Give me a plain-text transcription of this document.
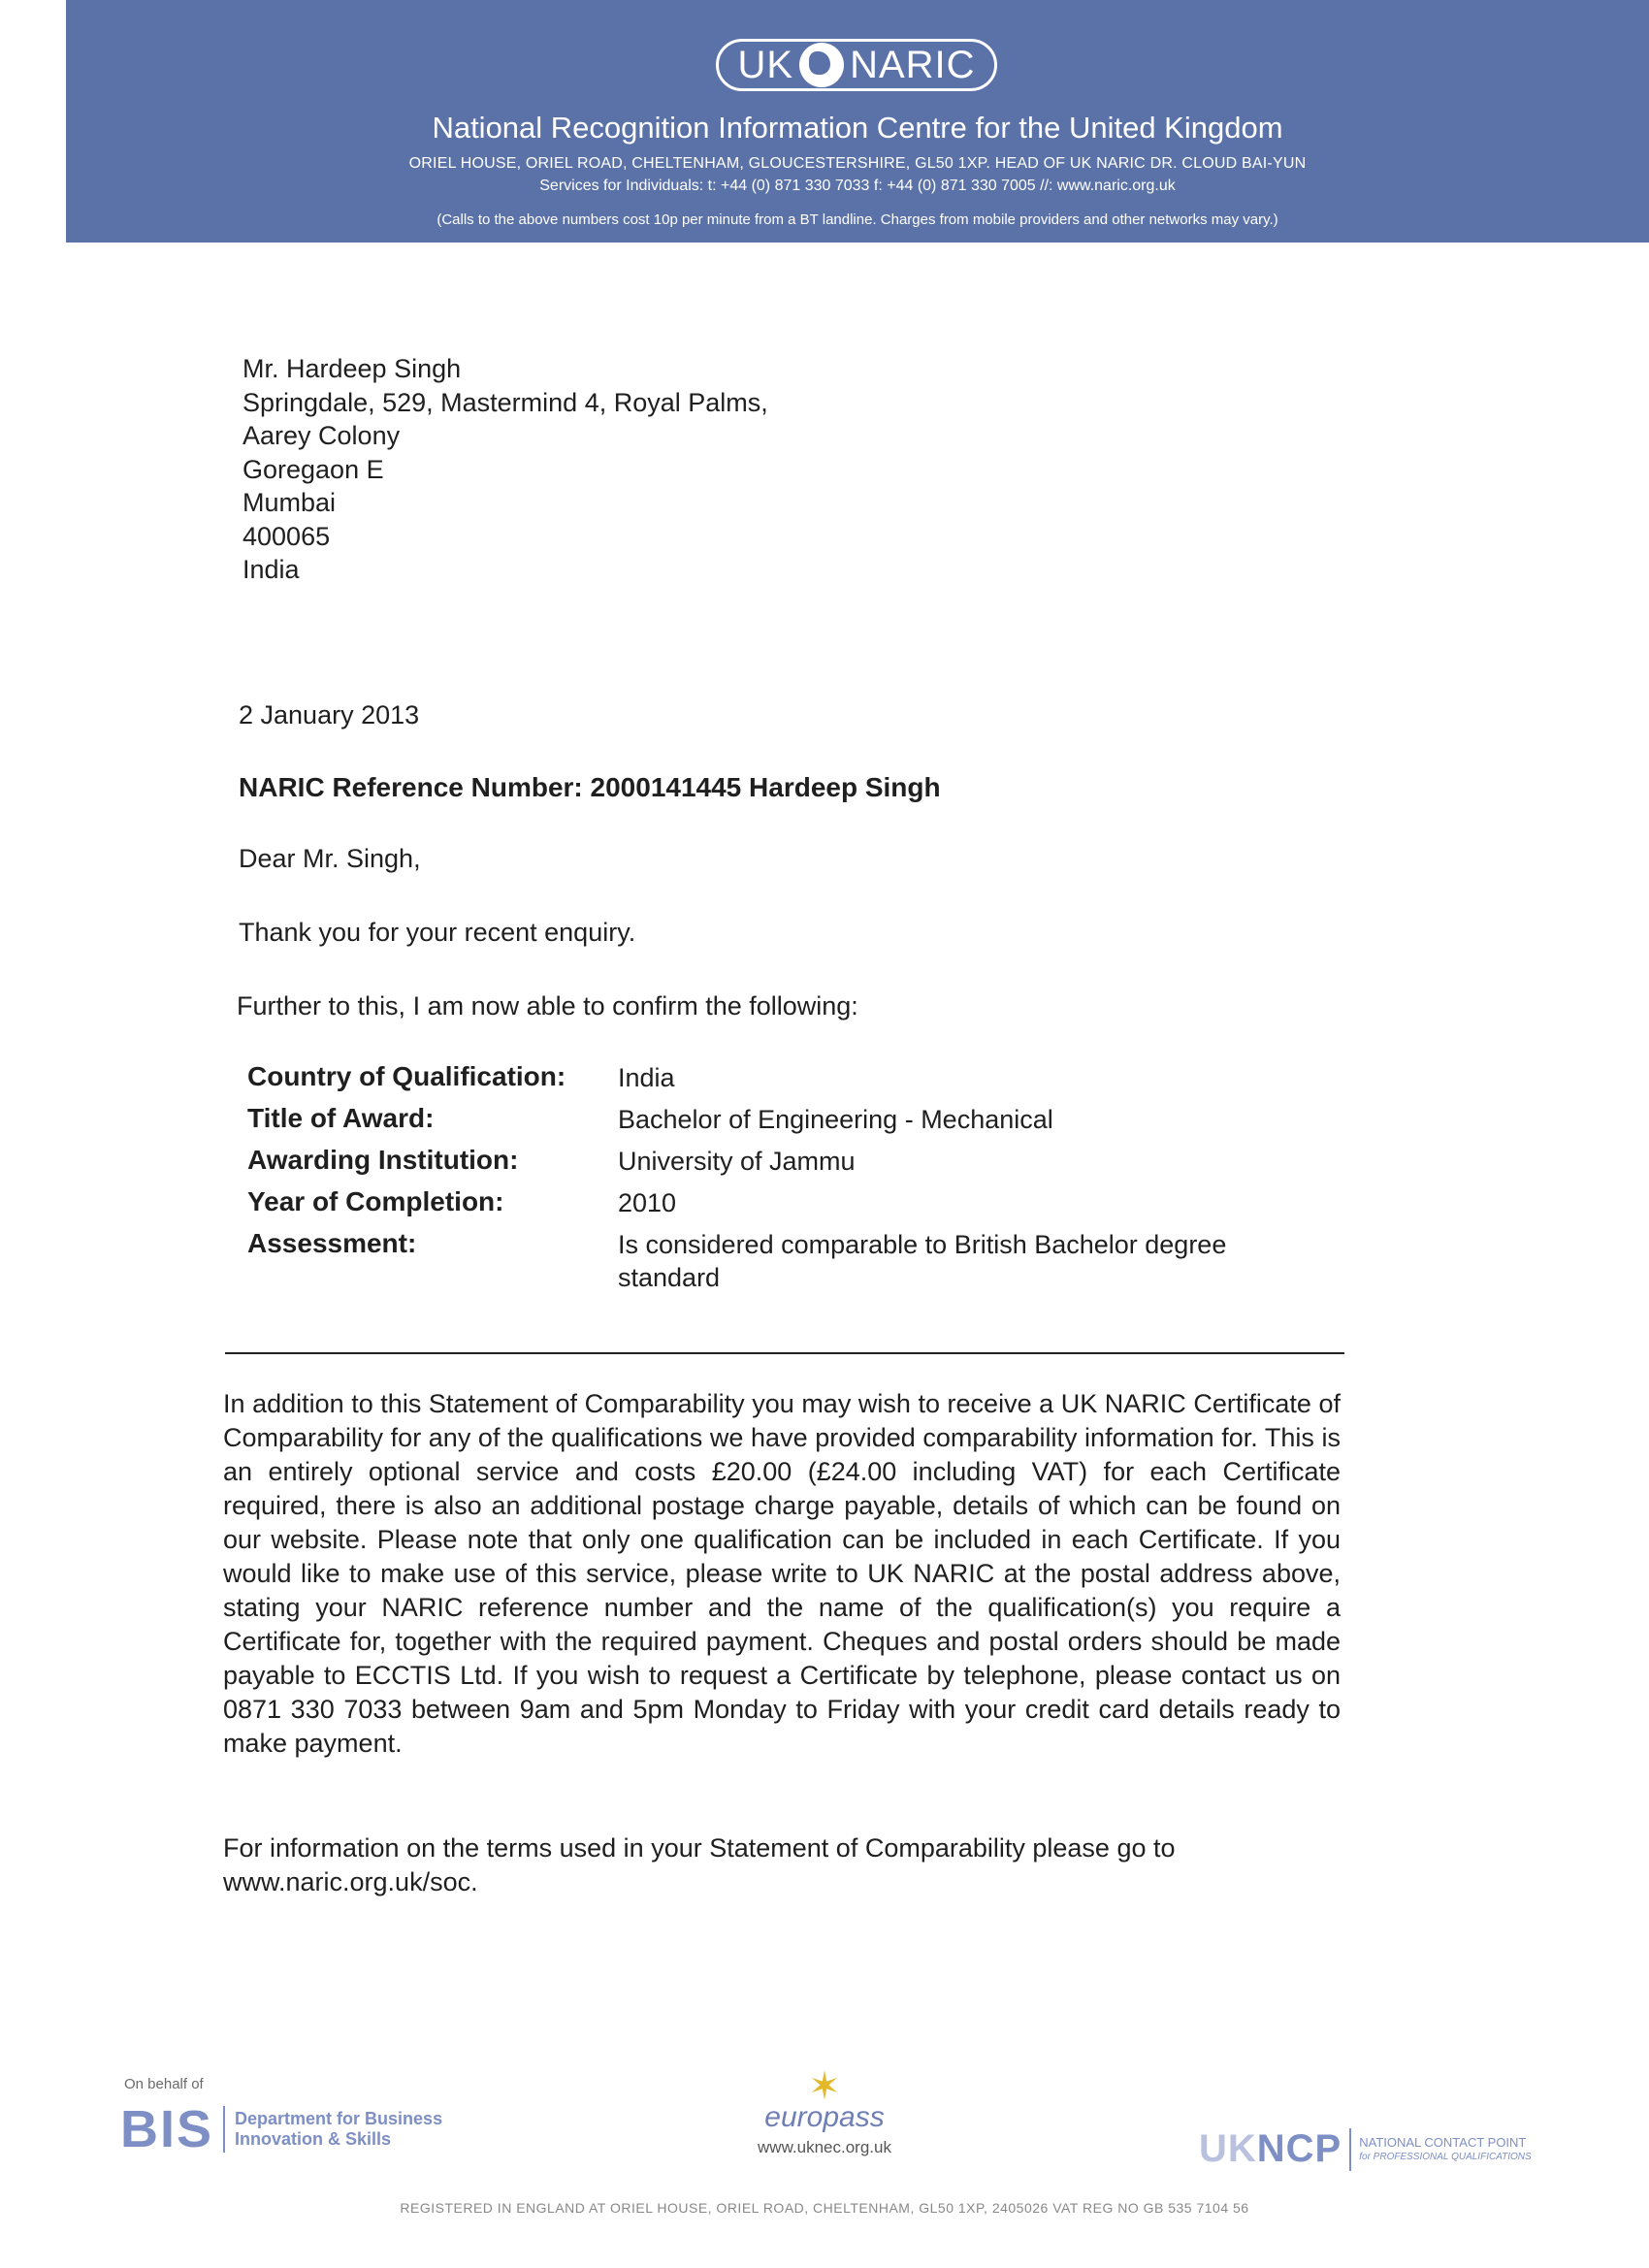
UK NARIC
National Recognition Information Centre for the United Kingdom
ORIEL HOUSE, ORIEL ROAD, CHELTENHAM, GLOUCESTERSHIRE, GL50 1XP. HEAD OF UK NARIC DR. CLOUD BAI-YUN
Services for Individuals: t: +44 (0) 871 330 7033 f: +44 (0) 871 330 7005 //: www.naric.org.uk
(Calls to the above numbers cost 10p per minute from a BT landline. Charges from mobile providers and other networks may vary.)
Mr. Hardeep Singh
Springdale, 529, Mastermind 4, Royal Palms,
Aarey Colony
Goregaon E
Mumbai
400065
India
2 January 2013
NARIC Reference Number: 2000141445 Hardeep Singh
Dear Mr. Singh,
Thank you for your recent enquiry.
Further to this, I am now able to confirm the following:
Country of Qualification: India
Title of Award:	Bachelor of Engineering - Mechanical
Awarding Institution:	University of Jammu
Year of Completion:	2010
Assessment:	Is considered comparable to British Bachelor degree standard
In addition to this Statement of Comparability you may wish to receive a UK NARIC Certificate of Comparability for any of the qualifications we have provided comparability information for. This is an entirely optional service and costs £20.00 (£24.00 including VAT) for each Certificate required, there is also an additional postage charge payable, details of which can be found on our website. Please note that only one qualification can be included in each Certificate. If you would like to make use of this service, please write to UK NARIC at the postal address above, stating your NARIC reference number and the name of the qualification(s) you require a Certificate for, together with the required payment. Cheques and postal orders should be made payable to ECCTIS Ltd. If you wish to request a Certificate by telephone, please contact us on 0871 330 7033 between 9am and 5pm Monday to Friday with your credit card details ready to make payment.
For information on the terms used in your Statement of Comparability please go to www.naric.org.uk/soc.
On behalf of
BIS Department for Business
Innovation & Skills
✶
europass
www.uknec.org.uk	UKNCP NATIONAL CONTACT POINT
for PROFESSIONAL QUALIFICATIONS
REGISTERED IN ENGLAND AT ORIEL HOUSE, ORIEL ROAD, CHELTENHAM, GL50 1XP, 2405026 VAT REG NO GB 535 7104 56
